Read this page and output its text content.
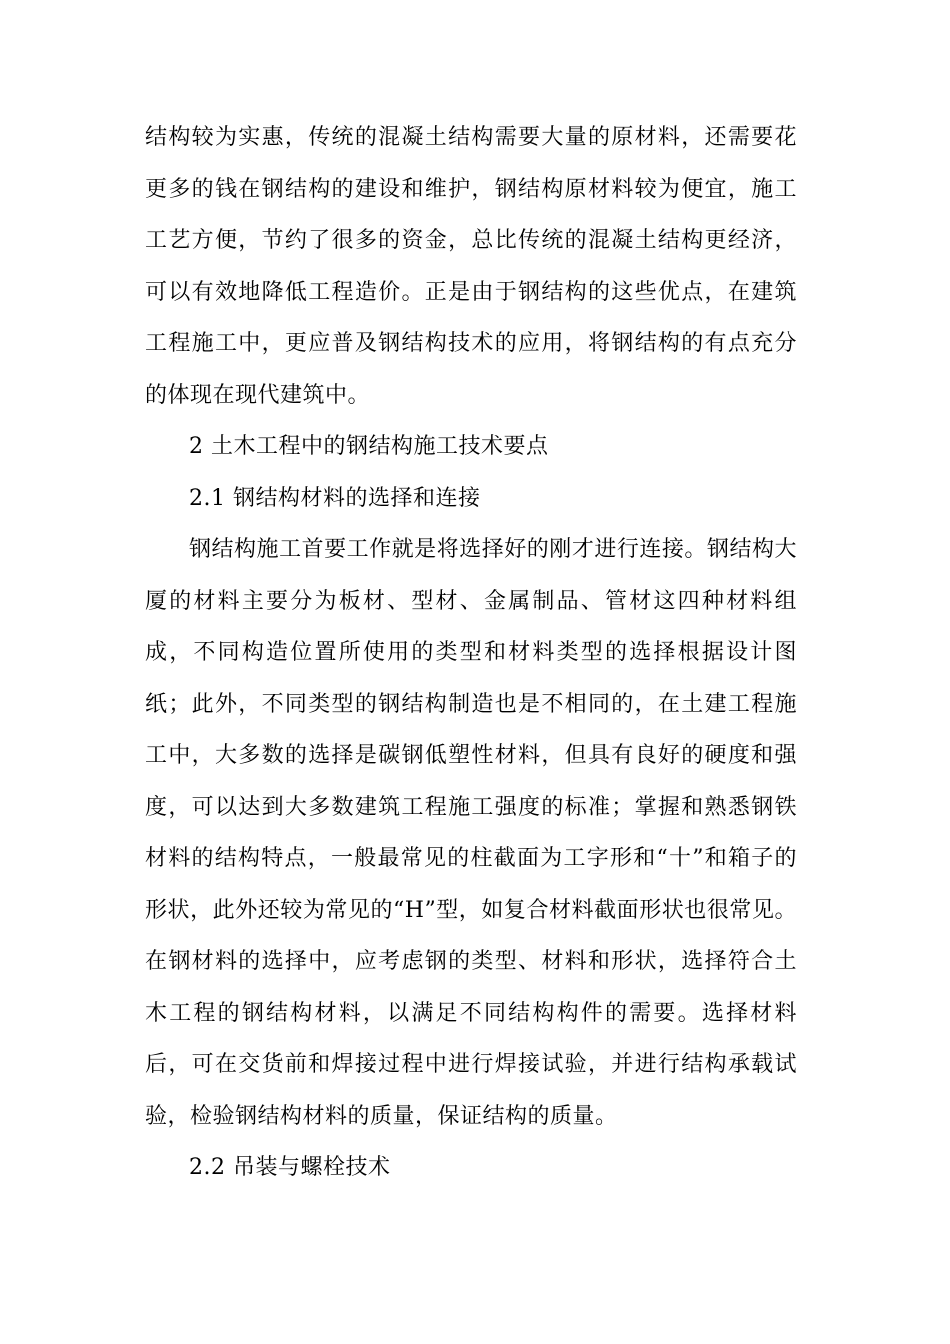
结构较为实惠，传统的混凝土结构需要大量的原材料，还需要花更多的钱在钢结构的建设和维护，钢结构原材料较为便宜，施工工艺方便，节约了很多的资金，总比传统的混凝土结构更经济，可以有效地降低工程造价。正是由于钢结构的这些优点，在建筑工程施工中，更应普及钢结构技术的应用，将钢结构的有点充分的体现在现代建筑中。

2 土木工程中的钢结构施工技术要点

2.1 钢结构材料的选择和连接

钢结构施工首要工作就是将选择好的刚才进行连接。钢结构大厦的材料主要分为板材、型材、金属制品、管材这四种材料组成，不同构造位置所使用的类型和材料类型的选择根据设计图纸；此外，不同类型的钢结构制造也是不相同的，在土建工程施工中，大多数的选择是碳钢低塑性材料，但具有良好的硬度和强度，可以达到大多数建筑工程施工强度的标准；掌握和熟悉钢铁材料的结构特点，一般最常见的柱截面为工字形和“十”和箱子的形状，此外还较为常见的“H”型，如复合材料截面形状也很常见。在钢材料的选择中，应考虑钢的类型、材料和形状，选择符合土木工程的钢结构材料，以满足不同结构构件的需要。选择材料后，可在交货前和焊接过程中进行焊接试验，并进行结构承载试验，检验钢结构材料的质量，保证结构的质量。

2.2 吊装与螺栓技术
